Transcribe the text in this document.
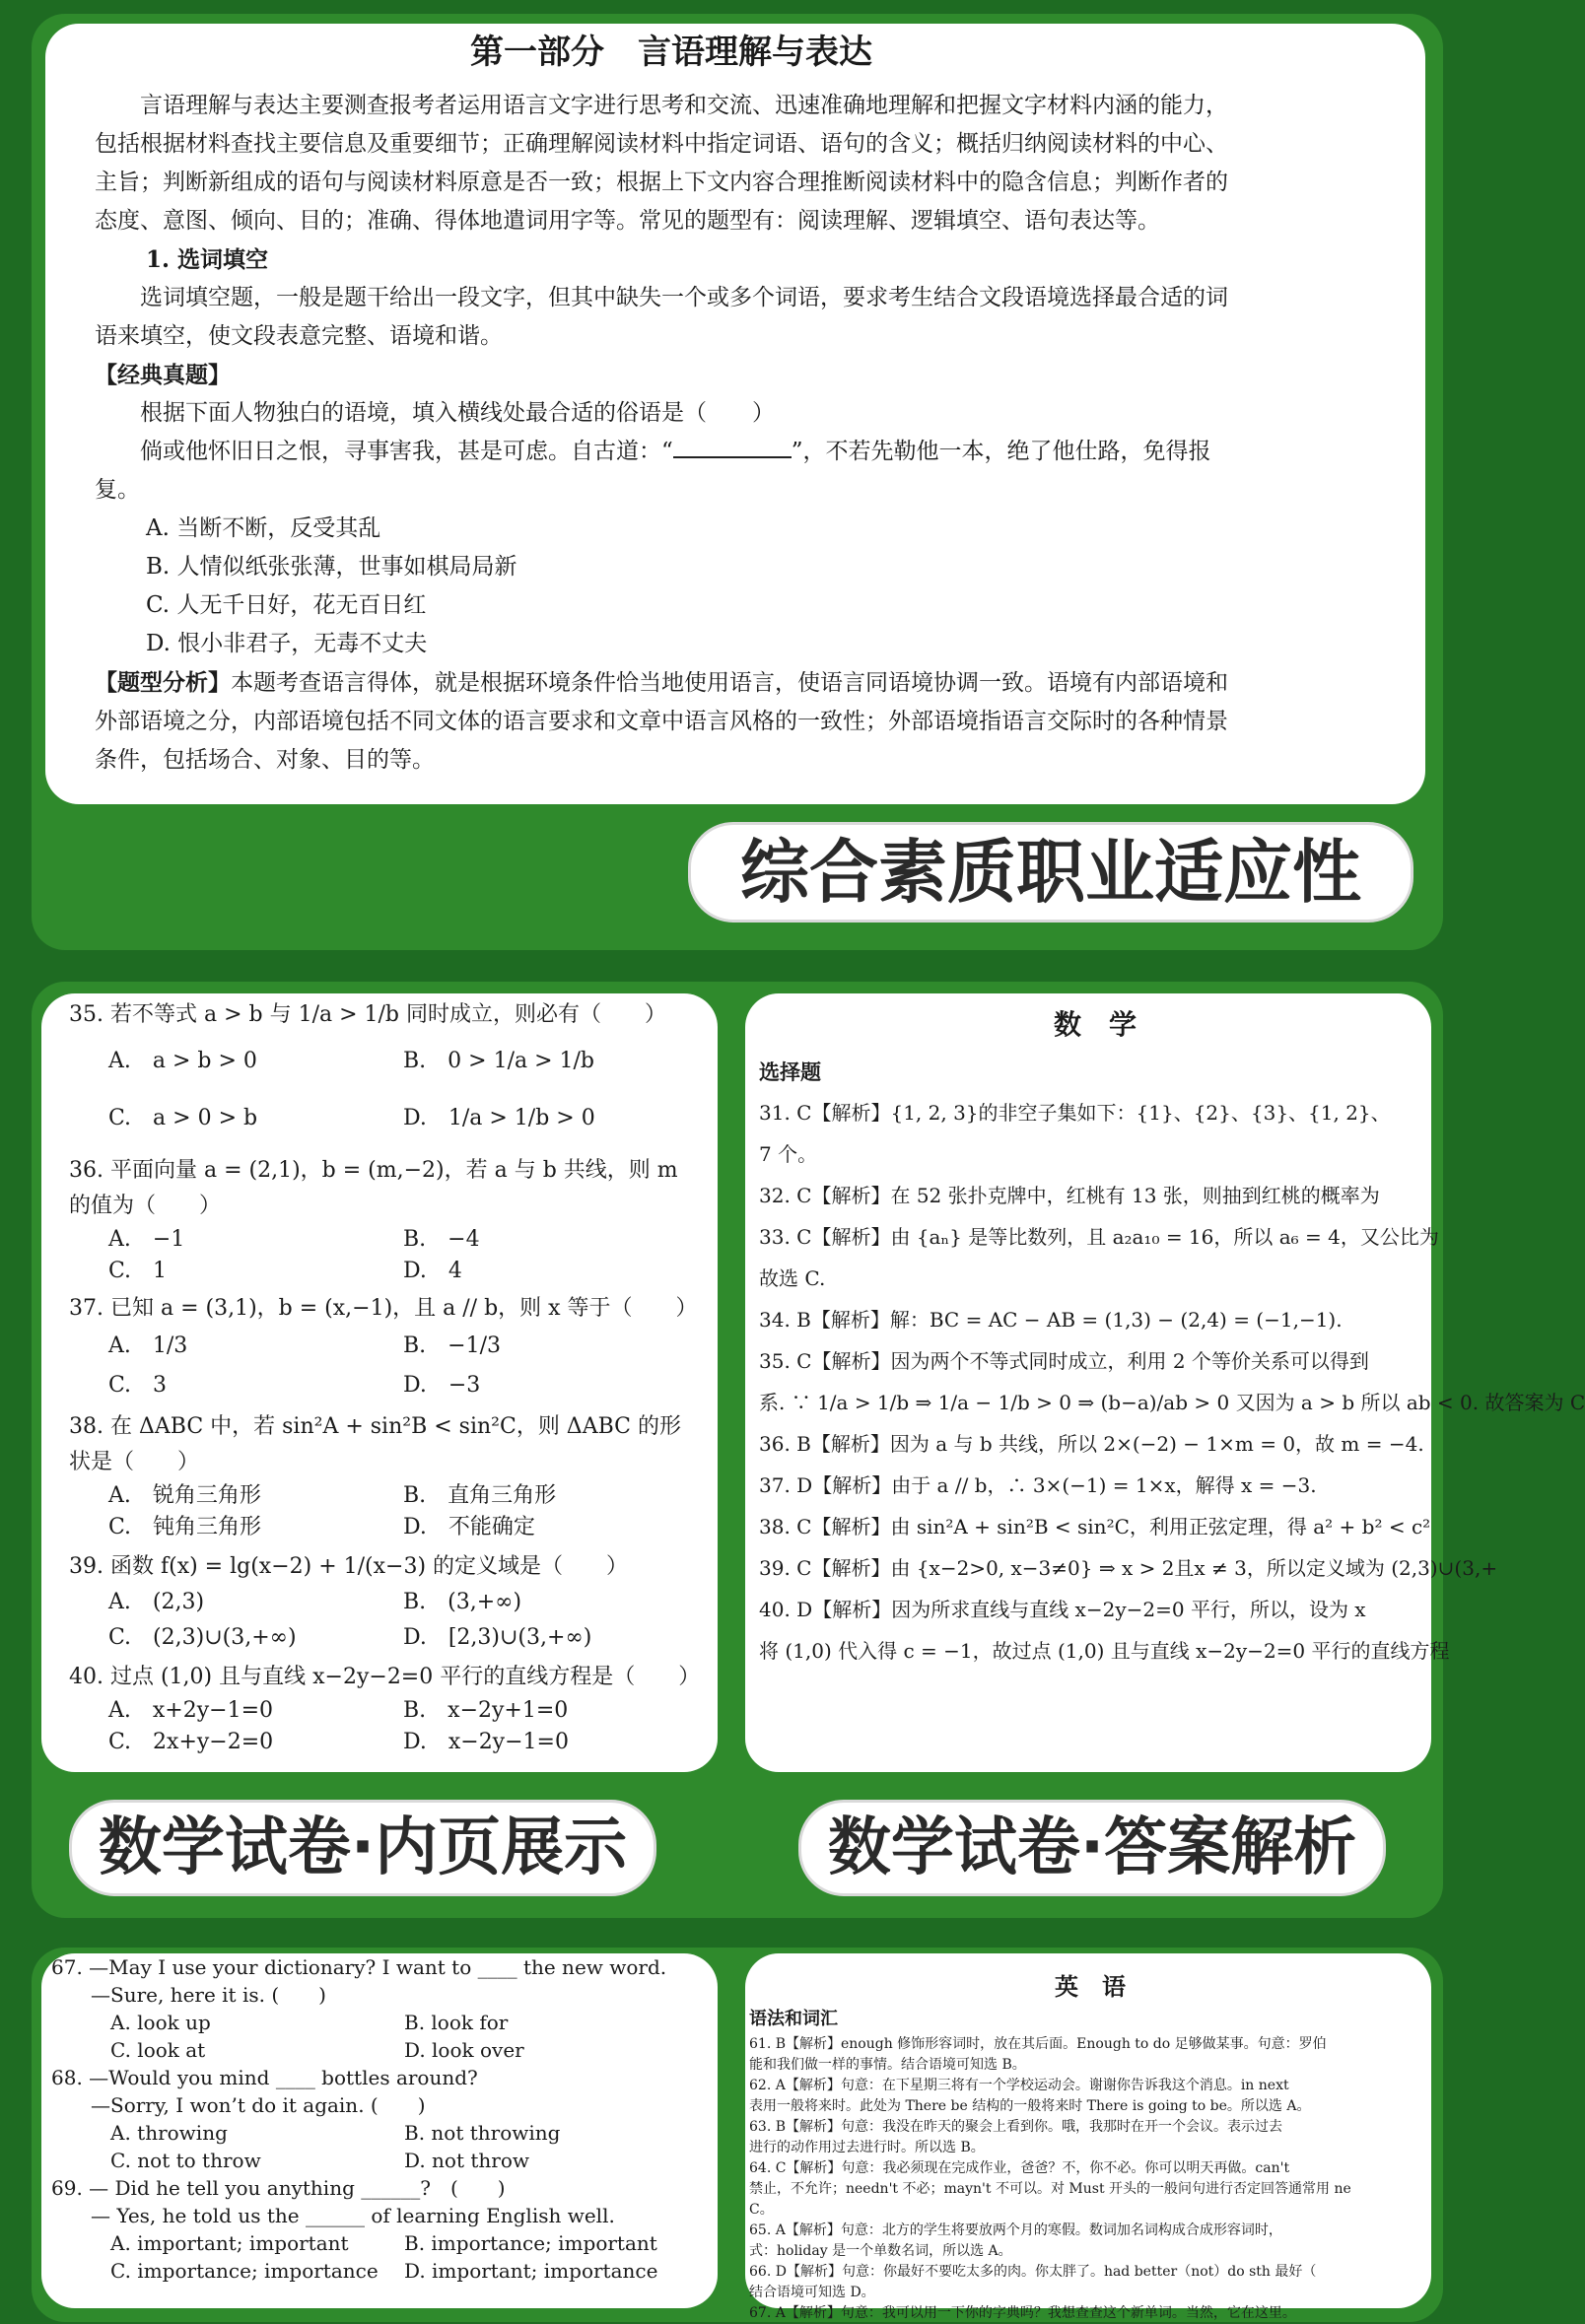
第一部分　言语理解与表达

言语理解与表达主要测查报考者运用语言文字进行思考和交流、迅速准确地理解和把握文字材料内涵的能力，包括根据材料查找主要信息及重要细节；正确理解阅读材料中指定词语、语句的含义；概括归纳阅读材料的中心、主旨；判断新组成的语句与阅读材料原意是否一致；根据上下文内容合理推断阅读材料中的隐含信息；判断作者的态度、意图、倾向、目的；准确、得体地遣词用字等。常见的题型有：阅读理解、逻辑填空、语句表达等。

1. 选词填空

选词填空题，一般是题干给出一段文字，但其中缺失一个或多个词语，要求考生结合文段语境选择最合适的词语来填空，使文段表意完整、语境和谐。

【经典真题】

根据下面人物独白的语境，填入横线处最合适的俗语是（　　）

倘或他怀旧日之恨，寻事害我，甚是可虑。自古道：“	”，不若先勒他一本，绝了他仕路，免得报复。

A. 当断不断，反受其乱

B. 人情似纸张张薄，世事如棋局局新

C. 人无千日好，花无百日红

D. 恨小非君子，无毒不丈夫

【题型分析】本题考查语言得体，就是根据环境条件恰当地使用语言，使语言同语境协调一致。语境有内部语境和外部语境之分，内部语境包括不同文体的语言要求和文章中语言风格的一致性；外部语境指语言交际时的各种情景条件，包括场合、对象、目的等。

综合素质职业适应性

35. 若不等式 a > b 与 1/a > 1/b 同时成立，则必有（　　）

A.　a > b > 0	B.　0 > 1/a > 1/b
C.　a > 0 > b	D.　1/a > 1/b > 0

36. 平面向量 a = (2,1)，b = (m,−2)，若 a 与 b 共线，则 m 的值为（　　）

A.　−1	B.　−4
C.　1	D.　4

37. 已知 a = (3,1)，b = (x,−1)，且 a // b，则 x 等于（　　）

A.　1/3	B.　−1/3
C.　3	D.　−3

38. 在 ΔABC 中，若 sin²A + sin²B < sin²C，则 ΔABC 的形状是（　　）

A.　锐角三角形	B.　直角三角形
C.　钝角三角形	D.　不能确定

39. 函数 f(x) = lg(x−2) + 1/(x−3) 的定义域是（　　）

A.　(2,3)	B.　(3,+∞)
C.　(2,3)∪(3,+∞)	D.　[2,3)∪(3,+∞)

40. 过点 (1,0) 且与直线 x−2y−2=0 平行的直线方程是（　　）

A.　x+2y−1=0	B.　x−2y+1=0
C.　2x+y−2=0	D.　x−2y−1=0
数　学

选择题

31. C【解析】{1, 2, 3}的非空子集如下：{1}、{2}、{3}、{1, 2}、

7 个。

32. C【解析】在 52 张扑克牌中，红桃有 13 张，则抽到红桃的概率为

33. C【解析】由 {aₙ} 是等比数列，且 a₂a₁₀ = 16，所以 a₆ = 4，又公比为

故选 C.

34. B【解析】解：BC = AC − AB = (1,3) − (2,4) = (−1,−1).

35. C【解析】因为两个不等式同时成立，利用 2 个等价关系可以得到

系. ∵ 1/a > 1/b ⇒ 1/a − 1/b > 0 ⇒ (b−a)/ab > 0 又因为 a > b 所以 ab < 0. 故答案为 C

36. B【解析】因为 a 与 b 共线，所以 2×(−2) − 1×m = 0，故 m = −4.

37. D【解析】由于 a // b，∴ 3×(−1) = 1×x，解得 x = −3.

38. C【解析】由 sin²A + sin²B < sin²C，利用正弦定理，得 a² + b² < c²

39. C【解析】由 {x−2>0, x−3≠0} ⇒ x > 2且x ≠ 3，所以定义域为 (2,3)∪(3,+

40. D【解析】因为所求直线与直线 x−2y−2=0 平行，所以，设为 x

将 (1,0) 代入得 c = −1，故过点 (1,0) 且与直线 x−2y−2=0 平行的直线方程

数学试卷·内页展示	数学试卷·答案解析

67. —May I use your dictionary? I want to ____ the new word.

—Sure, here it is. (　　)

A. look up	B. look for
C. look at	D. look over

68. —Would you mind ____ bottles around?

—Sorry, I won’t do it again. (　　)

A. throwing	B. not throwing
C. not to throw	D. not throw

69. — Did he tell you anything ______?　(　　)

— Yes, he told us the ______ of learning English well.

A. important; important	B. importance; important
C. importance; importance	D. important; importance
英　语

语法和词汇

61. B【解析】enough 修饰形容词时，放在其后面。Enough to do 足够做某事。句意：罗伯

能和我们做一样的事情。结合语境可知选 B。

62. A【解析】句意：在下星期三将有一个学校运动会。谢谢你告诉我这个消息。in next

表用一般将来时。此处为 There be 结构的一般将来时 There is going to be。所以选 A。

63. B【解析】句意：我没在昨天的聚会上看到你。哦，我那时在开一个会议。表示过去

进行的动作用过去进行时。所以选 B。

64. C【解析】句意：我必须现在完成作业，爸爸？不，你不必。你可以明天再做。can't

禁止，不允许；needn't 不必；mayn't 不可以。对 Must 开头的一般问句进行否定回答通常用 ne

C。

65. A【解析】句意：北方的学生将要放两个月的寒假。数词加名词构成合成形容词时，

式：holiday 是一个单数名词，所以选 A。

66. D【解析】句意：你最好不要吃太多的肉。你太胖了。had better（not）do sth 最好（

结合语境可知选 D。

67. A【解析】句意：我可以用一下你的字典吗？我想查查这个新单词。当然，它在这里。
